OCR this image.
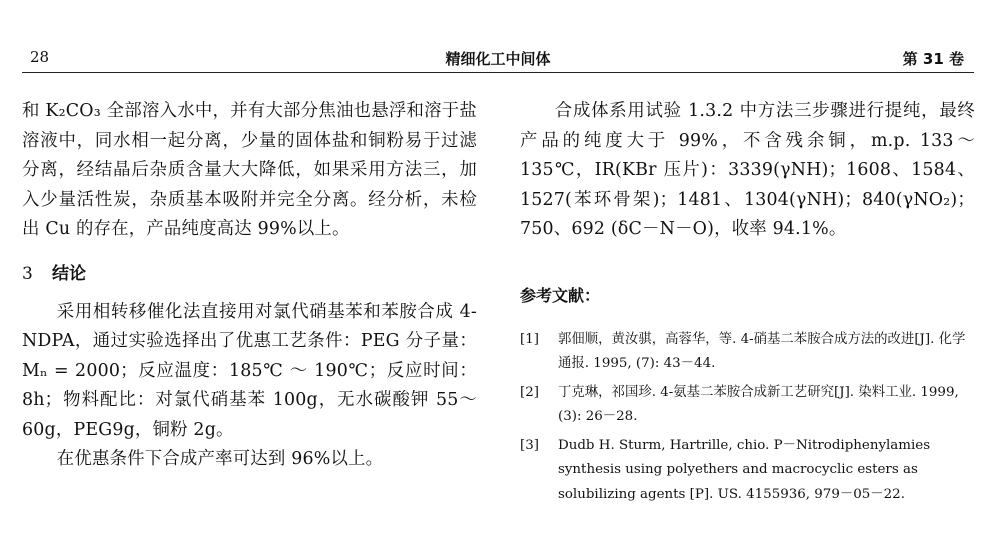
28	精细化工中间体	第 31 卷

和 K₂CO₃ 全部溶入水中，并有大部分焦油也悬浮和溶于盐溶液中，同水相一起分离，少量的固体盐和铜粉易于过滤分离，经结晶后杂质含量大大降低，如果采用方法三，加入少量活性炭，杂质基本吸附并完全分离。经分析，未检出 Cu 的存在，产品纯度高达 99%以上。

3 结论

采用相转移催化法直接用对氯代硝基苯和苯胺合成 4-NDPA，通过实验选择出了优惠工艺条件：PEG 分子量：Mₙ = 2000；反应温度：185℃ ～ 190℃；反应时间：8h；物料配比：对氯代硝基苯 100g，无水碳酸钾 55～60g，PEG9g，铜粉 2g。

在优惠条件下合成产率可达到 96%以上。

合成体系用试验 1.3.2 中方法三步骤进行提纯，最终产品的纯度大于 99%，不含残余铜，m.p. 133～135℃，IR(KBr 压片)：3339(γNH)；1608、1584、1527(苯环骨架)；1481、1304(γNH)；840(γNO₂)；750、692 (δC－N－O)，收率 94.1%。

参考文献：
[1] 郭佃顺，黄汝骐，高蓉华，等. 4-硝基二苯胺合成方法的改进[J]. 化学通报. 1995, (7): 43－44.
[2] 丁克琳，祁国珍. 4-氨基二苯胺合成新工艺研究[J]. 染料工业. 1999, (3): 26－28.
[3] Dudb H. Sturm, Hartrille, chio. P－Nitrodiphenylamies synthesis using polyethers and macrocyclic esters as solubilizing agents [P]. US. 4155936, 979－05－22.
